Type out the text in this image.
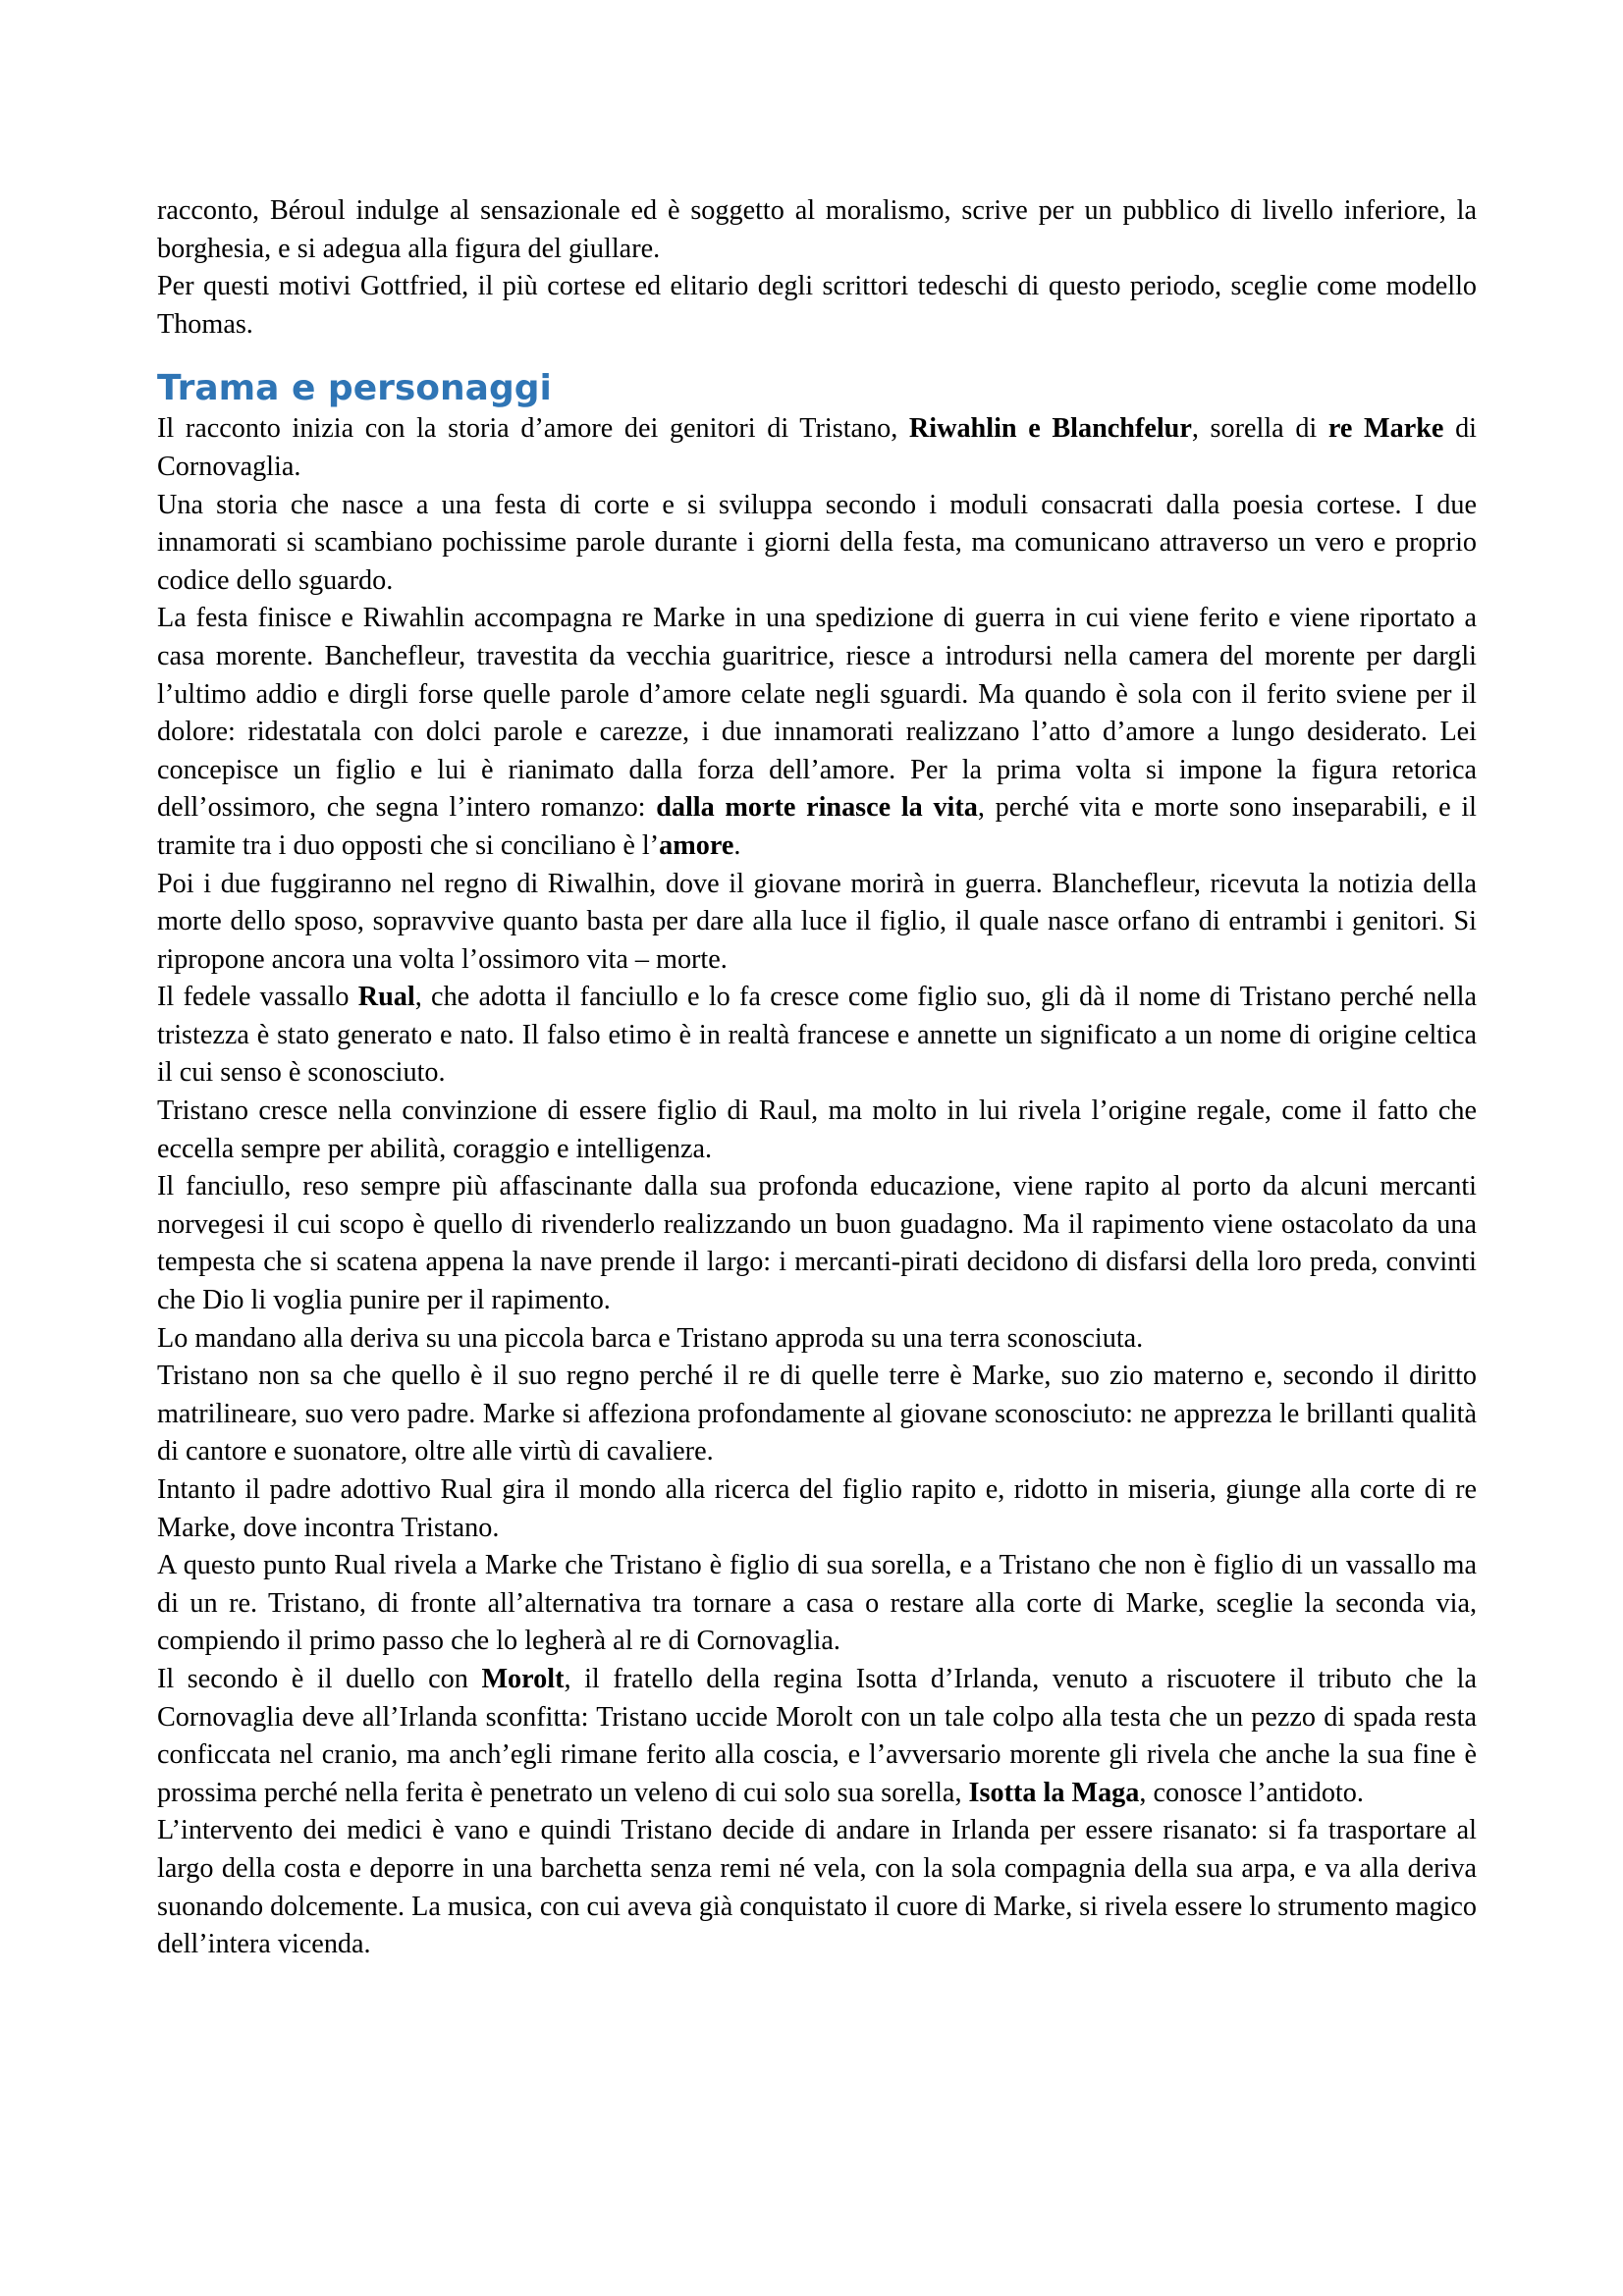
racconto, Béroul indulge al sensazionale ed è soggetto al moralismo, scrive per un pubblico di livello inferiore, la borghesia, e si adegua alla figura del giullare.

Per questi motivi Gottfried, il più cortese ed elitario degli scrittori tedeschi di questo periodo, sceglie come modello Thomas.

Trama e personaggi

Il racconto inizia con la storia d’amore dei genitori di Tristano, Riwahlin e Blanchfelur, sorella di re Marke di Cornovaglia.

Una storia che nasce a una festa di corte e si sviluppa secondo i moduli consacrati dalla poesia cortese. I due innamorati si scambiano pochissime parole durante i giorni della festa, ma comunicano attraverso un vero e proprio codice dello sguardo.

La festa finisce e Riwahlin accompagna re Marke in una spedizione di guerra in cui viene ferito e viene riportato a casa morente. Banchefleur, travestita da vecchia guaritrice, riesce a introdursi nella camera del morente per dargli l’ultimo addio e dirgli forse quelle parole d’amore celate negli sguardi. Ma quando è sola con il ferito sviene per il dolore: ridestatala con dolci parole e carezze, i due innamorati realizzano l’atto d’amore a lungo desiderato. Lei concepisce un figlio e lui è rianimato dalla forza dell’amore. Per la prima volta si impone la figura retorica dell’ossimoro, che segna l’intero romanzo: dalla morte rinasce la vita, perché vita e morte sono inseparabili, e il tramite tra i duo opposti che si conciliano è l’amore.

Poi i due fuggiranno nel regno di Riwalhin, dove il giovane morirà in guerra. Blanchefleur, ricevuta la notizia della morte dello sposo, sopravvive quanto basta per dare alla luce il figlio, il quale nasce orfano di entrambi i genitori. Si ripropone ancora una volta l’ossimoro vita – morte.

Il fedele vassallo Rual, che adotta il fanciullo e lo fa cresce come figlio suo, gli dà il nome di Tristano perché nella tristezza è stato generato e nato. Il falso etimo è in realtà francese e annette un significato a un nome di origine celtica il cui senso è sconosciuto.

Tristano cresce nella convinzione di essere figlio di Raul, ma molto in lui rivela l’origine regale, come il fatto che eccella sempre per abilità, coraggio e intelligenza.

Il fanciullo, reso sempre più affascinante dalla sua profonda educazione, viene rapito al porto da alcuni mercanti norvegesi il cui scopo è quello di rivenderlo realizzando un buon guadagno. Ma il rapimento viene ostacolato da una tempesta che si scatena appena la nave prende il largo: i mercanti-pirati decidono di disfarsi della loro preda, convinti che Dio li voglia punire per il rapimento.

Lo mandano alla deriva su una piccola barca e Tristano approda su una terra sconosciuta.

Tristano non sa che quello è il suo regno perché il re di quelle terre è Marke, suo zio materno e, secondo il diritto matrilineare, suo vero padre. Marke si affeziona profondamente al giovane sconosciuto: ne apprezza le brillanti qualità di cantore e suonatore, oltre alle virtù di cavaliere.

Intanto il padre adottivo Rual gira il mondo alla ricerca del figlio rapito e, ridotto in miseria, giunge alla corte di re Marke, dove incontra Tristano.

A questo punto Rual rivela a Marke che Tristano è figlio di sua sorella, e a Tristano che non è figlio di un vassallo ma di un re. Tristano, di fronte all’alternativa tra tornare a casa o restare alla corte di Marke, sceglie la seconda via, compiendo il primo passo che lo legherà al re di Cornovaglia.

Il secondo è il duello con Morolt, il fratello della regina Isotta d’Irlanda, venuto a riscuotere il tributo che la Cornovaglia deve all’Irlanda sconfitta: Tristano uccide Morolt con un tale colpo alla testa che un pezzo di spada resta conficcata nel cranio, ma anch’egli rimane ferito alla coscia, e l’avversario morente gli rivela che anche la sua fine è prossima perché nella ferita è penetrato un veleno di cui solo sua sorella, Isotta la Maga, conosce l’antidoto.

L’intervento dei medici è vano e quindi Tristano decide di andare in Irlanda per essere risanato: si fa trasportare al largo della costa e deporre in una barchetta senza remi né vela, con la sola compagnia della sua arpa, e va alla deriva suonando dolcemente. La musica, con cui aveva già conquistato il cuore di Marke, si rivela essere lo strumento magico dell’intera vicenda.
